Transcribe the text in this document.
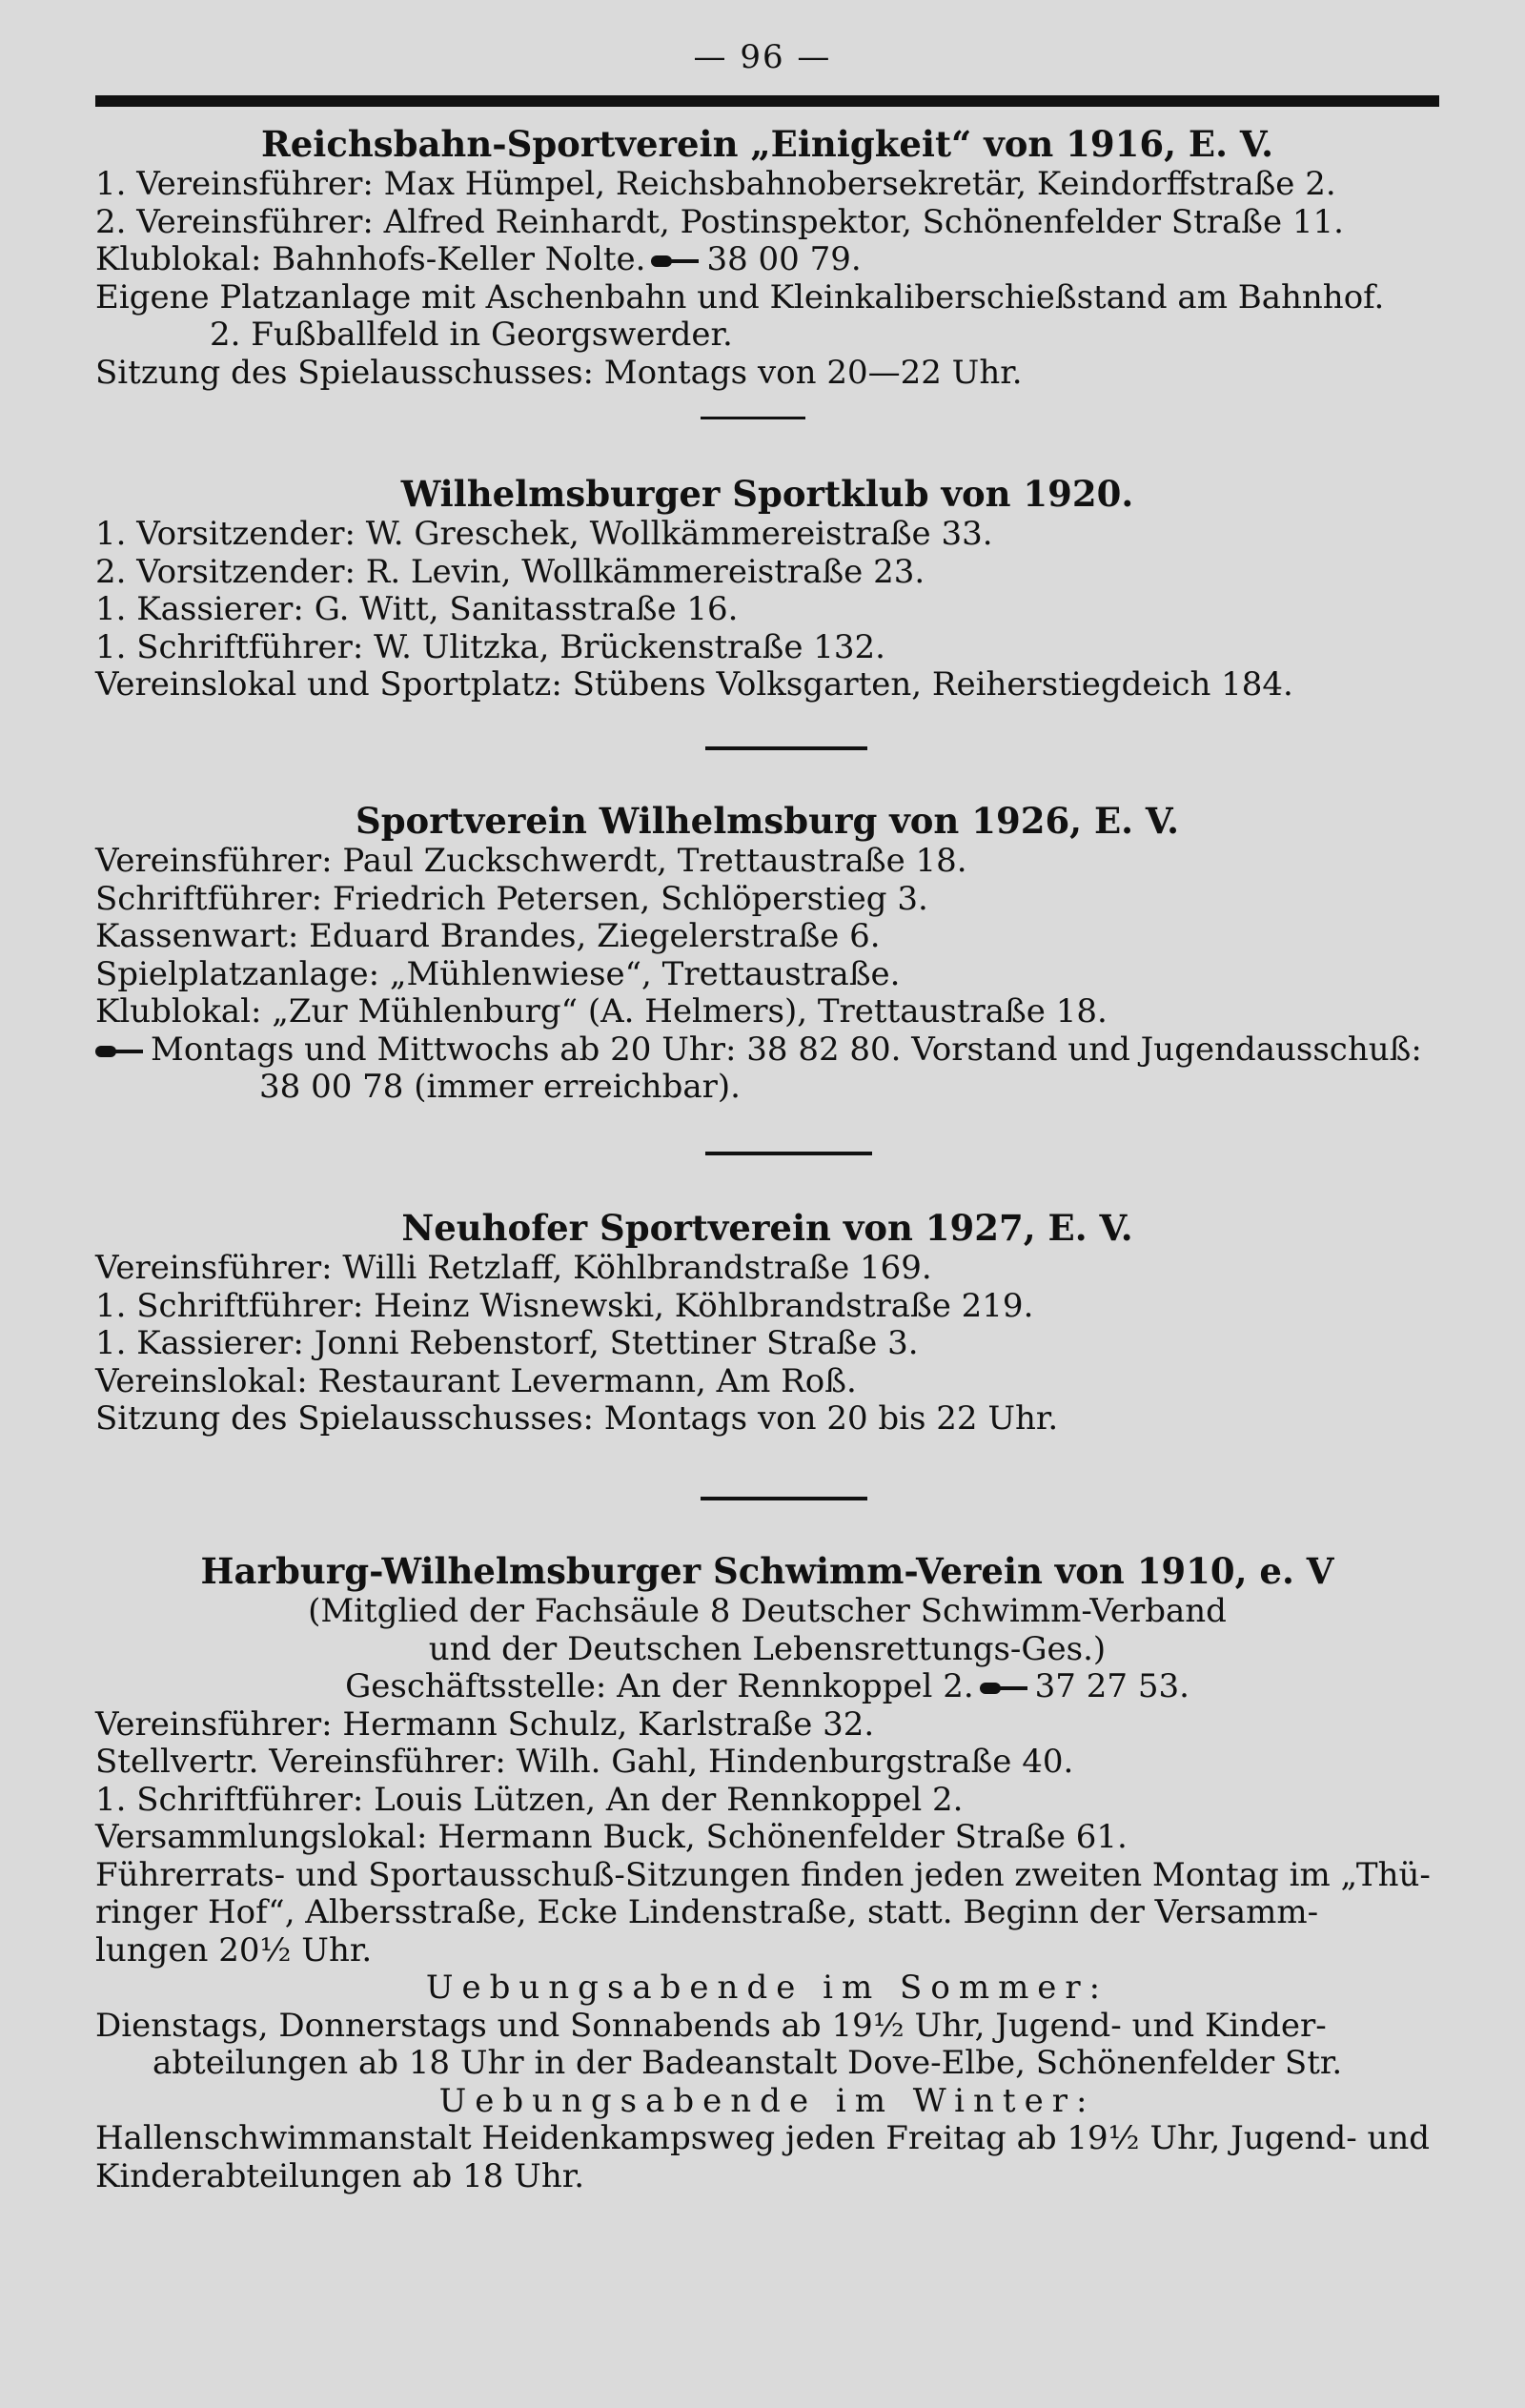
— 96 —

Reichsbahn-Sportverein „Einigkeit“ von 1916, E. V.

1. Vereinsführer: Max Hümpel, Reichsbahnobersekretär, Keindorffstraße 2.

2. Vereinsführer: Alfred Reinhardt, Postinspektor, Schönenfelder Straße 11.

Klublokal: Bahnhofs-Keller Nolte. 38 00 79.

Eigene Platzanlage mit Aschenbahn und Kleinkaliberschießstand am Bahnhof.

2. Fußballfeld in Georgswerder.

Sitzung des Spielausschusses: Montags von 20—22 Uhr.

Wilhelmsburger Sportklub von 1920.

1. Vorsitzender: W. Greschek, Wollkämmereistraße 33.

2. Vorsitzender: R. Levin, Wollkämmereistraße 23.

1. Kassierer: G. Witt, Sanitasstraße 16.

1. Schriftführer: W. Ulitzka, Brückenstraße 132.

Vereinslokal und Sportplatz: Stübens Volksgarten, Reiherstiegdeich 184.

Sportverein Wilhelmsburg von 1926, E. V.

Vereinsführer: Paul Zuckschwerdt, Trettaustraße 18.

Schriftführer: Friedrich Petersen, Schlöperstieg 3.

Kassenwart: Eduard Brandes, Ziegelerstraße 6.

Spielplatzanlage: „Mühlenwiese“, Trettaustraße.

Klublokal: „Zur Mühlenburg“ (A. Helmers), Trettaustraße 18.

Montags und Mittwochs ab 20 Uhr: 38 82 80. Vorstand und Jugendausschuß:

38 00 78 (immer erreichbar).

Neuhofer Sportverein von 1927, E. V.

Vereinsführer: Willi Retzlaff, Köhlbrandstraße 169.

1. Schriftführer: Heinz Wisnewski, Köhlbrandstraße 219.

1. Kassierer: Jonni Rebenstorf, Stettiner Straße 3.

Vereinslokal: Restaurant Levermann, Am Roß.

Sitzung des Spielausschusses: Montags von 20 bis 22 Uhr.

Harburg-Wilhelmsburger Schwimm-Verein von 1910, e. V

(Mitglied der Fachsäule 8 Deutscher Schwimm-Verband

und der Deutschen Lebensrettungs-Ges.)

Geschäftsstelle: An der Rennkoppel 2. 37 27 53.

Vereinsführer: Hermann Schulz, Karlstraße 32.

Stellvertr. Vereinsführer: Wilh. Gahl, Hindenburgstraße 40.

1. Schriftführer: Louis Lützen, An der Rennkoppel 2.

Versammlungslokal: Hermann Buck, Schönenfelder Straße 61.

Führerrats- und Sportausschuß-Sitzungen finden jeden zweiten Montag im „Thü-

ringer Hof“, Albersstraße, Ecke Lindenstraße, statt. Beginn der Versamm-

lungen 20½ Uhr.

Uebungsabende im Sommer:

Dienstags, Donnerstags und Sonnabends ab 19½ Uhr, Jugend- und Kinder-

abteilungen ab 18 Uhr in der Badeanstalt Dove-Elbe, Schönenfelder Str.

Uebungsabende im Winter:

Hallenschwimmanstalt Heidenkampsweg jeden Freitag ab 19½ Uhr, Jugend- und

Kinderabteilungen ab 18 Uhr.
